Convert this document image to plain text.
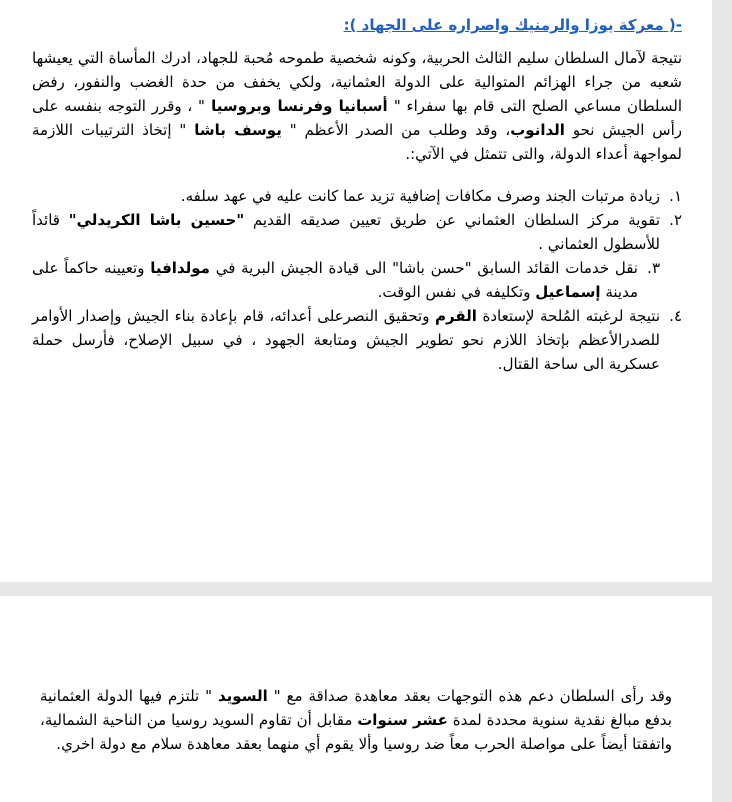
-( معركة يوزا والرمنيك واصراره على الجهاد ):

نتيجة لآمال السلطان سليم الثالث الحربية، وكونه شخصية طموحه مُحبة للجهاد، ادرك المأساة التي يعيشها شعبه من جراء الهزائم المتوالية على الدولة العثمانية، ولكي يخفف من حدة الغضب والنفور، رفض السلطان مساعي الصلح التى قام بها سفراء " أسبانيا وفرنسا وبروسيا " ، وقرر التوجه بنفسه على رأس الجيش نحو الدانوب، وقد وطلب من الصدر الأعظم " يوسف باشا " إتخاذ الترتيبات اللازمة لمواجهة أعداء الدولة، والتى تتمثل في الآتي:.

١.
زيادة مرتبات الجند وصرف مكافات إضافية تزيد عما كانت عليه في عهد سلفه.
٢.
تقوية مركز السلطان العثماني عن طريق تعيين صديقه القديم "حسين باشا الكريدلي" قائداً للأسطول العثماني .
٣.
نقل خدمات القائد السابق "حسن باشا" الى قيادة الجيش البرية في مولدافيا وتعيينه حاكماً على مدينة إسماعيل وتكليفه في نفس الوقت.
٤.
نتيجة لرغبته المُلحة لإستعادة القرم وتحقيق النصرعلى أعدائه، قام بإعادة بناء الجيش وإصدار الأوامر للصدرالأعظم بإتخاذ اللازم نحو تطوير الجيش ومتابعة الجهود ، في سبيل الإصلاح، فأرسل حملة عسكرية الى ساحة القتال.

وقد رأى السلطان دعم هذه التوجهات بعقد معاهدة صداقة مع " السويد " تلتزم فيها الدولة العثمانية بدفع مبالغ نقدية سنوية محددة لمدة عشر سنوات مقابل أن تقاوم السويد روسيا من الناحية الشمالية، واتفقتا أيضاً على مواصلة الحرب معاً ضد روسيا وألا يقوم أي منهما بعقد معاهدة سلام مع دولة اخري.
